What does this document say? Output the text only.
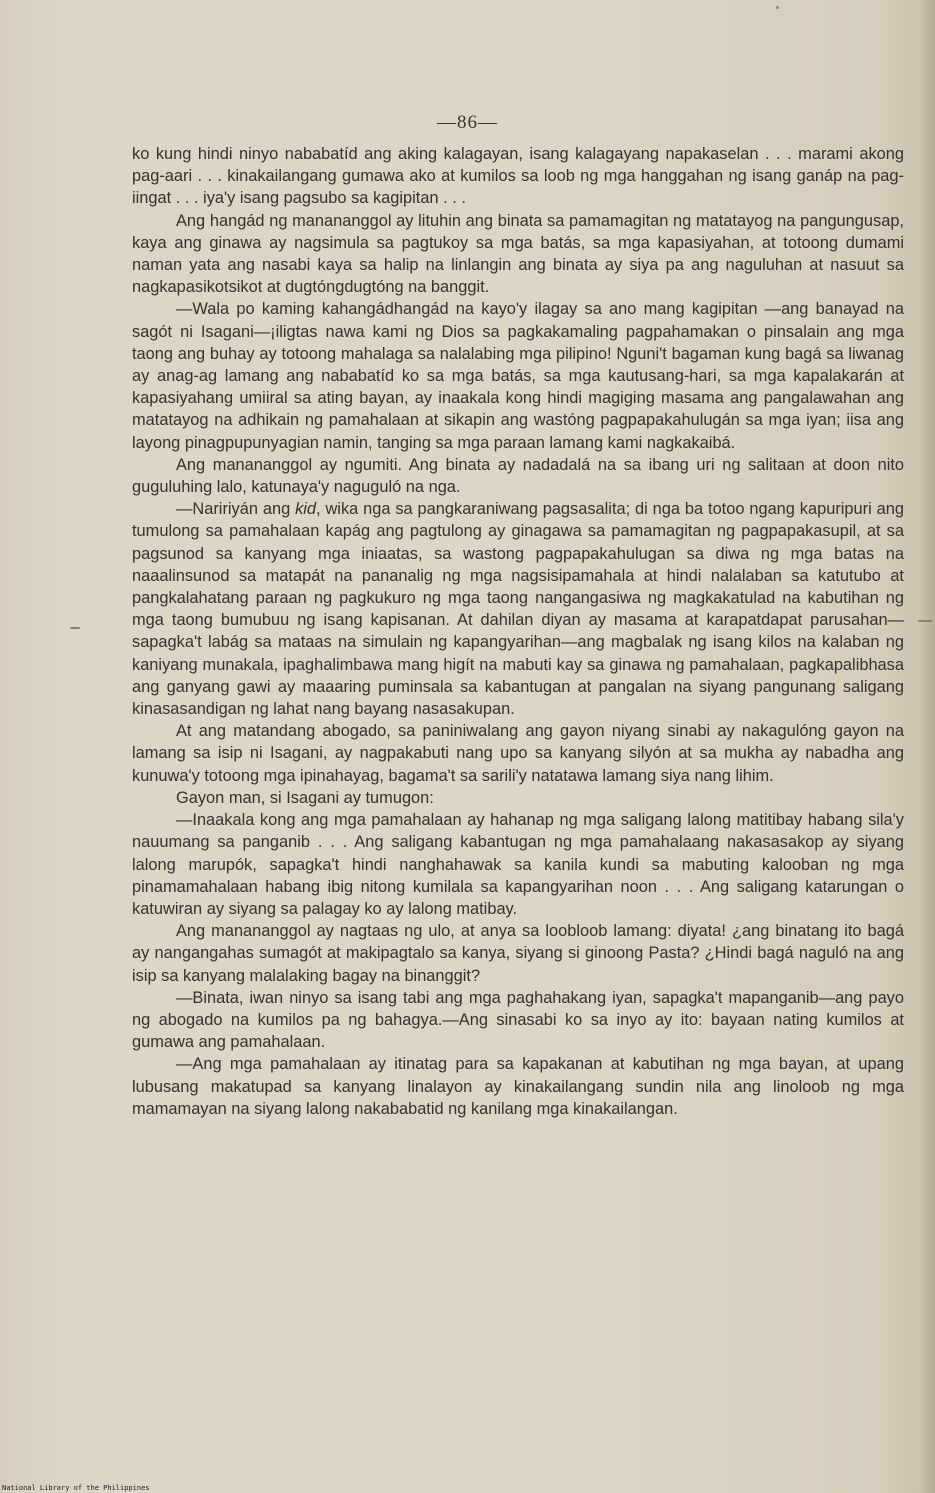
—86—

ko kung hindi ninyo nababatíd ang aking kalagayan, isang kalagayang napakaselan . . . marami akong pag-aari . . . kinakailangang gumawa ako at kumilos sa loob ng mga hanggahan ng isang ganáp na pag-iingat . . . iya'y isang pagsubo sa kagipitan . . .

Ang hangád ng manananggol ay lituhin ang binata sa pamamagitan ng matatayog na pangungusap, kaya ang ginawa ay nagsimula sa pagtukoy sa mga batás, sa mga kapasiyahan, at totoong dumami naman yata ang nasabi kaya sa halip na linlangin ang binata ay siya pa ang naguluhan at nasuut sa nagkapasikotsikot at dugtóngdugtóng na banggit.

—Wala po kaming kahangádhangád na kayo'y ilagay sa ano mang kagipitan —ang banayad na sagót ni Isagani—¡iligtas nawa kami ng Dios sa pagkakamaling pagpahamakan o pinsalain ang mga taong ang buhay ay totoong mahalaga sa nalalabing mga pilipino! Nguni't bagaman kung bagá sa liwanag ay anag-ag lamang ang nababatíd ko sa mga batás, sa mga kautusang-hari, sa mga kapalakarán at kapasiyahang umiiral sa ating bayan, ay inaakala kong hindi magiging masama ang pangalawahan ang matatayog na adhikain ng pamahalaan at sikapin ang wastóng pagpapakahulugán sa mga iyan; iisa ang layong pinagpupunyagian namin, tanging sa mga paraan lamang kami nagkakaibá.

Ang manananggol ay ngumiti. Ang binata ay nadadalá na sa ibang uri ng salitaan at doon nito guguluhing lalo, katunaya'y naguguló na nga.

—Naririyán ang kid, wika nga sa pangkaraniwang pagsasalita; di nga ba totoo ngang kapuripuri ang tumulong sa pamahalaan kapág ang pagtulong ay ginagawa sa pamamagitan ng pagpapakasupil, at sa pagsunod sa kanyang mga iniaatas, sa wastong pagpapakahulugan sa diwa ng mga batas na naaalinsunod sa matapát na pananalig ng mga nagsisipamahala at hindi nalalaban sa katutubo at pangkalahatang paraan ng pagkukuro ng mga taong nangangasiwa ng magkakatulad na kabutihan ng mga taong bumubuu ng isang kapisanan. At dahilan diyan ay masama at karapatdapat parusahan—sapagka't labág sa mataas na simulain ng kapangyarihan—ang magbalak ng isang kilos na kalaban ng kaniyang munakala, ipaghalimbawa mang higít na mabuti kay sa ginawa ng pamahalaan, pagkapalibhasa ang ganyang gawi ay maaaring puminsala sa kabantugan at pangalan na siyang pangunang saligang kinasasandigan ng lahat nang bayang nasasakupan.

At ang matandang abogado, sa paniniwalang ang gayon niyang sinabi ay nakagulóng gayon na lamang sa isip ni Isagani, ay nagpakabuti nang upo sa kanyang silyón at sa mukha ay nabadha ang kunuwa'y totoong mga ipinahayag, bagama't sa sarili'y natatawa lamang siya nang lihim.

Gayon man, si Isagani ay tumugon:

—Inaakala kong ang mga pamahalaan ay hahanap ng mga saligang lalong matitibay habang sila'y nauumang sa panganib . . . Ang saligang kabantugan ng mga pamahalaang nakasasakop ay siyang lalong marupók, sapagka't hindi nanghahawak sa kanila kundi sa mabuting kalooban ng mga pinamamahalaan habang ibig nitong kumilala sa kapangyarihan noon . . . Ang saligang katarungan o katuwiran ay siyang sa palagay ko ay lalong matibay.

Ang manananggol ay nagtaas ng ulo, at anya sa loobloob lamang: diyata! ¿ang binatang ito bagá ay nangangahas sumagót at makipagtalo sa kanya, siyang si ginoong Pasta? ¿Hindi bagá naguló na ang isip sa kanyang malalaking bagay na binanggit?

—Binata, iwan ninyo sa isang tabi ang mga paghahakang iyan, sapagka't mapanganib—ang payo ng abogado na kumilos pa ng bahagya.—Ang sinasabi ko sa inyo ay ito: bayaan nating kumilos at gumawa ang pamahalaan.

—Ang mga pamahalaan ay itinatag para sa kapakanan at kabutihan ng mga bayan, at upang lubusang makatupad sa kanyang linalayon ay kinakailangang sundin nila ang linoloob ng mga mamamayan na siyang lalong nakababatid ng kanilang mga kinakailangan.

National Library of the Philippines
